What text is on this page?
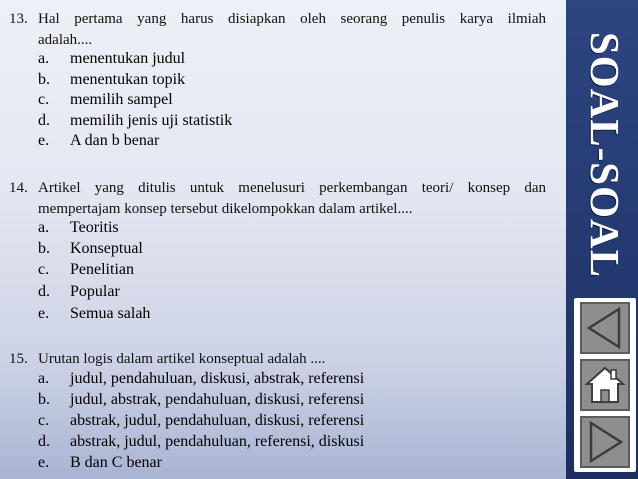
13. Hal pertama yang harus disiapkan oleh seorang penulis karya ilmiah
adalah....
a. menentukan judul
b. menentukan topik
c. memilih sampel
d. memilih jenis uji statistik
e. A dan b benar
14. Artikel yang ditulis untuk menelusuri perkembangan teori/ konsep dan
mempertajam konsep tersebut dikelompokkan dalam artikel....
a. Teoritis
b. Konseptual
c. Penelitian
d. Popular
e. Semua salah
15. Urutan logis dalam artikel konseptual adalah ....
a. judul, pendahuluan, diskusi, abstrak, referensi
b. judul, abstrak, pendahuluan, diskusi, referensi
c. abstrak, judul, pendahuluan, diskusi, referensi
d. abstrak, judul, pendahuluan, referensi, diskusi
e. B dan C benar
SOAL-SOAL
